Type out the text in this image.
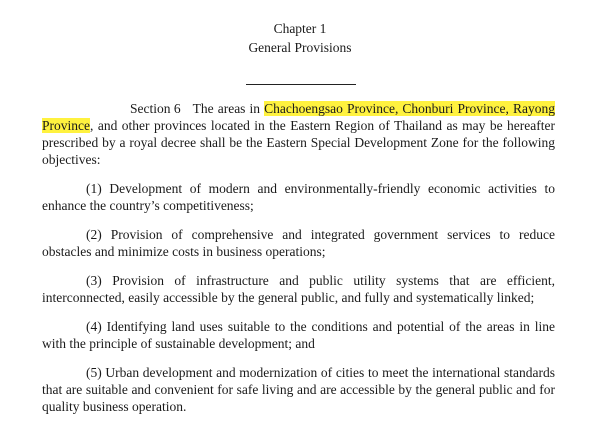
Chapter 1
General Provisions

Section 6 The areas in Chachoengsao Province, Chonburi Province, Rayong Province, and other provinces located in the Eastern Region of Thailand as may be hereafter prescribed by a royal decree shall be the Eastern Special Development Zone for the following objectives:

(1) Development of modern and environmentally-friendly economic activities to enhance the country’s competitiveness;

(2) Provision of comprehensive and integrated government services to reduce obstacles and minimize costs in business operations;

(3) Provision of infrastructure and public utility systems that are efficient, interconnected, easily accessible by the general public, and fully and systematically linked;

(4) Identifying land uses suitable to the conditions and potential of the areas in line with the principle of sustainable development; and

(5) Urban development and modernization of cities to meet the international standards that are suitable and convenient for safe living and are accessible by the general public and for quality business operation.
